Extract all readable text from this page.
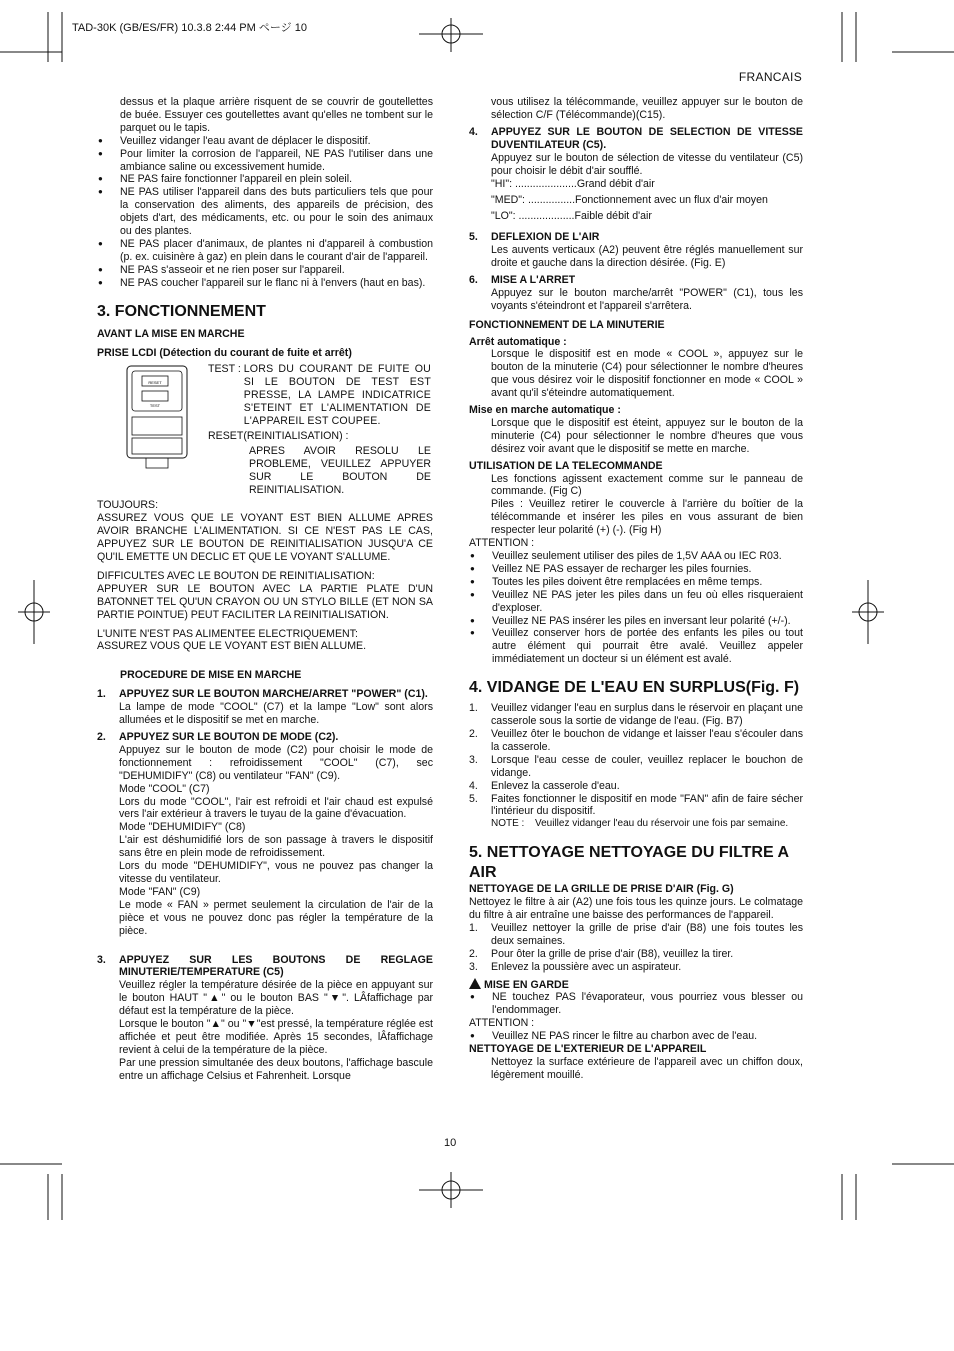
TAD-30K (GB/ES/FR) 10.3.8 2:44 PM ページ 10
FRANCAIS

dessus et la plaque arrière risquent de se couvrir de goutellettes de buée. Essuyer ces goutellettes avant qu'elles ne tombent sur le parquet ou le tapis.

● Veuillez vidanger l'eau avant de déplacer le dispositif.

● Pour limiter la corrosion de l'appareil, NE PAS l'utiliser dans une ambiance saline ou excessivement humide.

● NE PAS faire fonctionner l'appareil en plein soleil.

● NE PAS utiliser l'appareil dans des buts particuliers tels que pour la conservation des aliments, des appareils de précision, des objets d'art, des médicaments, etc. ou pour le soin des animaux ou des plantes.

● NE PAS placer d'animaux, de plantes ni d'appareil à combustion (p. ex. cuisinère à gaz) en plein dans le courant d'air de l'appareil.

● NE PAS s'asseoir et ne rien poser sur l'appareil.

● NE PAS coucher l'appareil sur le flanc ni à l'envers (haut en bas).

3. FONCTIONNEMENT

AVANT LA MISE EN MARCHE

PRISE LCDI (Détection du courant de fuite et arrêt)

RESET
TEST
TEST : LORS DU COURANT DE FUITE OU SI LE BOUTON DE TEST EST PRESSE, LA LAMPE INDICATRICE S'ETEINT ET L'ALIMENTATION DE L'APPAREIL EST COUPEE.

RESET(REINITIALISATION) :

APRES AVOIR RESOLU LE PROBLEME, VEUILLEZ APPUYER SUR LE BOUTON DE REINITIALISATION.

TOUJOURS:

ASSUREZ VOUS QUE LE VOYANT EST BIEN ALLUME APRES AVOIR BRANCHE L'ALIMENTATION. SI CE N'EST PAS LE CAS, APPUYEZ SUR LE BOUTON DE REINITIALISATION JUSQU'A CE QU'IL EMETTE UN DECLIC ET QUE LE VOYANT S'ALLUME.

DIFFICULTES AVEC LE BOUTON DE REINITIALISATION:

APPUYER SUR LE BOUTON AVEC LA PARTIE PLATE D'UN BATONNET TEL QU'UN CRAYON OU UN STYLO BILLE (ET NON SA PARTIE POINTUE) PEUT FACILITER LA REINITIALISATION.

L'UNITE N'EST PAS ALIMENTEE ELECTRIQUEMENT:

ASSUREZ VOUS QUE LE VOYANT EST BIEN ALLUME.

PROCEDURE DE MISE EN MARCHE

1. APPUYEZ SUR LE BOUTON MARCHE/ARRET "POWER" (C1).

La lampe de mode "COOL" (C7) et la lampe "Low" sont alors allumées et le dispositif se met en marche.

2. APPUYEZ SUR LE BOUTON DE MODE (C2).

Appuyez sur le bouton de mode (C2) pour choisir le mode de fonctionnement : refroidissement "COOL" (C7), sec "DEHUMIDIFY" (C8) ou ventilateur "FAN" (C9).

Mode "COOL" (C7)

Lors du mode "COOL", l'air est refroidi et l'air chaud est expulsé vers l'air extérieur à travers le tuyau de la gaine d'évacuation.

Mode "DEHUMIDIFY" (C8)

L'air est déshumidifié lors de son passage à travers le dispositif sans être en plein mode de refroidissement.

Lors du mode "DEHUMIDIFY", vous ne pouvez pas changer la vitesse du ventilateur.

Mode "FAN" (C9)

Le mode « FAN » permet seulement la circulation de l'air de la pièce et vous ne pouvez donc pas régler la température de la pièce.

3. APPUYEZ SUR LES BOUTONS DE REGLAGE MINUTERIE/TEMPERATURE (C5)

Veuillez régler la température désirée de la pièce en appuyant sur le bouton HAUT "▲" ou le bouton BAS "▼". LÂfaffichage par défaut est la température de la pièce.

Lorsque le bouton "▲" ou "▼"est pressé, la température réglée est affichée et peut être modifiée. Après 15 secondes, lÂfaffichage revient à celui de la température de la pièce.

Par une pression simultanée des deux boutons, l'affichage bascule entre un affichage Celsius et Fahrenheit. Lorsque

vous utilisez la télécommande, veuillez appuyer sur le bouton de sélection C/F (Télécommande)(C15).

4. APPUYEZ SUR LE BOUTON DE SELECTION DE VITESSE DUVENTILATEUR (C5).

Appuyez sur le bouton de sélection de vitesse du ventilateur (C5) pour choisir le débit d'air soufflé.

"HI": ..................... Grand débit d'air
"MED": ................ Fonctionnement avec un flux d'air moyen
"LO": ................... Faible débit d'air
5. DEFLEXION DE L'AIR

Les auvents verticaux (A2) peuvent être réglés manuellement sur droite et gauche dans la direction désirée. (Fig. E)

6. MISE A L'ARRET

Appuyez sur le bouton marche/arrêt "POWER" (C1), tous les voyants s'éteindront et l'appareil s'arrêtera.

FONCTIONNEMENT DE LA MINUTERIE

Arrêt automatique :

Lorsque le dispositif est en mode « COOL », appuyez sur le bouton de la minuterie (C4) pour sélectionner le nombre d'heures que vous désirez voir le dispositif fonctionner en mode « COOL » avant qu'il s'éteindre automatiquement.

Mise en marche automatique :

Lorsque que le dispositif est éteint, appuyez sur le bouton de la minuterie (C4) pour sélectionner le nombre d'heures que vous désirez voir avant que le dispositif se mette en marche.

UTILISATION DE LA TELECOMMANDE

Les fonctions agissent exactement comme sur le panneau de commande. (Fig C)

Piles : Veuillez retirer le couvercle à l'arrière du boîtier de la télécommande et insérer les piles en vous assurant de bien respecter leur polarité (+) (-). (Fig H)

ATTENTION :

● Veuillez seulement utiliser des piles de 1,5V AAA ou IEC R03.

● Veillez NE PAS essayer de recharger les piles fournies.

● Toutes les piles doivent être remplacées en même temps.

● Veuillez NE PAS jeter les piles dans un feu où elles risqueraient d'exploser.

● Veuillez NE PAS insérer les piles en inversant leur polarité (+/-).

● Veuillez conserver hors de portée des enfants les piles ou tout autre élément qui pourrait être avalé. Veuillez appeler immédiatement un docteur si un élément est avalé.

4. VIDANGE DE L'EAU EN SURPLUS(Fig. F)

1. Veuillez vidanger l'eau en surplus dans le réservoir en plaçant une casserole sous la sortie de vidange de l'eau. (Fig. B7)

2. Veuillez ôter le bouchon de vidange et laisser l'eau s'écouler dans la casserole.

3. Lorsque l'eau cesse de couler, veuillez replacer le bouchon de vidange.

4. Enlevez la casserole d'eau.

5. Faites fonctionner le dispositif en mode "FAN" afin de faire sécher l'intérieur du dispositif.

NOTE :	Veuillez vidanger l'eau du réservoir une fois par semaine.

5. NETTOYAGE NETTOYAGE DU FILTRE A AIR

NETTOYAGE DE LA GRILLE DE PRISE D'AIR (Fig. G)

Nettoyez le filtre à air (A2) une fois tous les quinze jours. Le colmatage du filtre à air entraîne une baisse des performances de l'appareil.

1. Veuillez nettoyer la grille de prise d'air (B8) une fois toutes les deux semaines.

2. Pour ôter la grille de prise d'air (B8), veuillez la tirer.

3. Enlevez la poussière avec un aspirateur.

MISE EN GARDE

● NE touchez PAS l'évaporateur, vous pourriez vous blesser ou l'endommager.

ATTENTION :

● Veuillez NE PAS rincer le filtre au charbon avec de l'eau.

NETTOYAGE DE L'EXTERIEUR DE L'APPAREIL

Nettoyez la surface extérieure de l'appareil avec un chiffon doux, légèrement mouillé.

10
